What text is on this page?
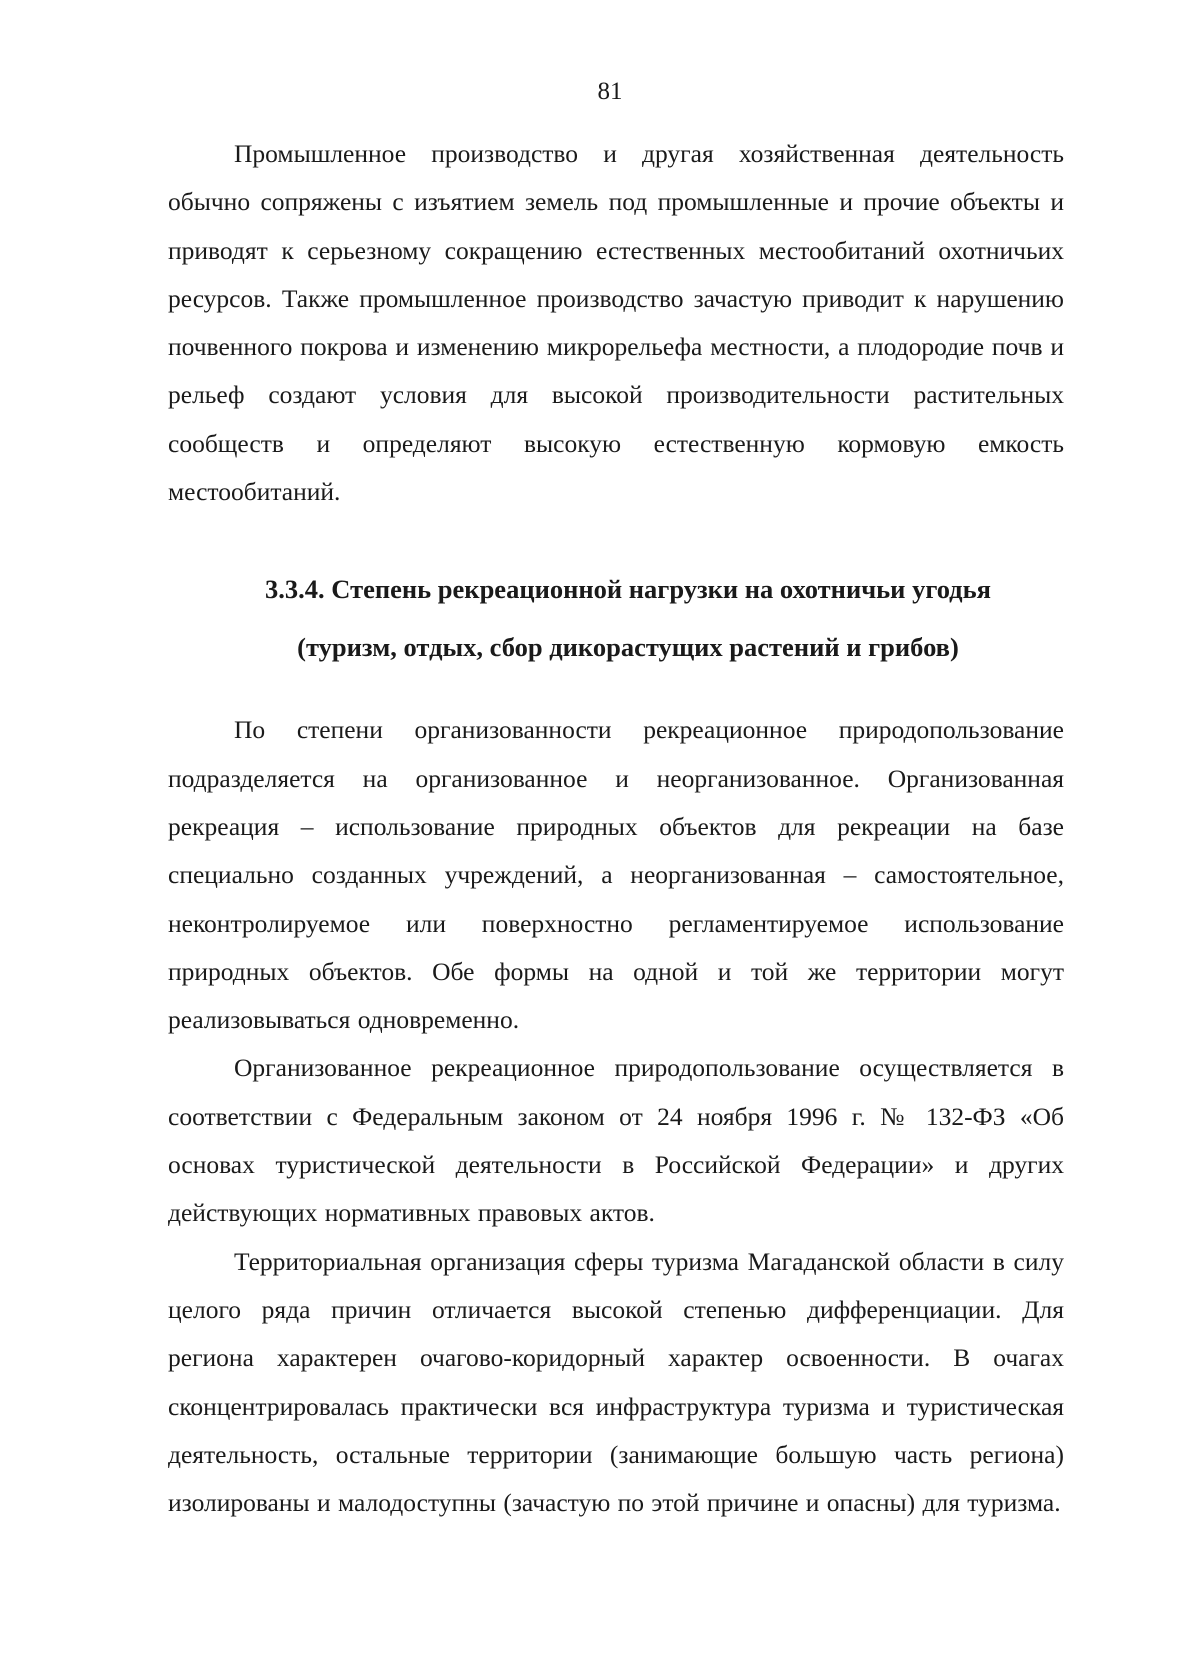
81

Промышленное производство и другая хозяйственная деятельность обычно сопряжены с изъятием земель под промышленные и прочие объекты и приводят к серьезному сокращению естественных местообитаний охотничьих ресурсов. Также промышленное производство зачастую приводит к нарушению почвенного покрова и изменению микрорельефа местности, а плодородие почв и рельеф создают условия для высокой производительности растительных сообществ и определяют высокую естественную кормовую емкость местообитаний.

3.3.4. Степень рекреационной нагрузки на охотничьи угодья

(туризм, отдых, сбор дикорастущих растений и грибов)

По степени организованности рекреационное природопользование подразделяется на организованное и неорганизованное. Организованная рекреация – использование природных объектов для рекреации на базе специально созданных учреждений, а неорганизованная – самостоятельное, неконтролируемое или поверхностно регламентируемое использование природных объектов. Обе формы на одной и той же территории могут реализовываться одновременно.

Организованное рекреационное природопользование осуществляется в соответствии с Федеральным законом от 24 ноября 1996 г. № 132-ФЗ «Об основах туристической деятельности в Российской Федерации» и других действующих нормативных правовых актов.

Территориальная организация сферы туризма Магаданской области в силу целого ряда причин отличается высокой степенью дифференциации. Для региона характерен очагово-коридорный характер освоенности. В очагах сконцентрировалась практически вся инфраструктура туризма и туристическая деятельность, остальные территории (занимающие большую часть региона) изолированы и малодоступны (зачастую по этой причине и опасны) для туризма.
